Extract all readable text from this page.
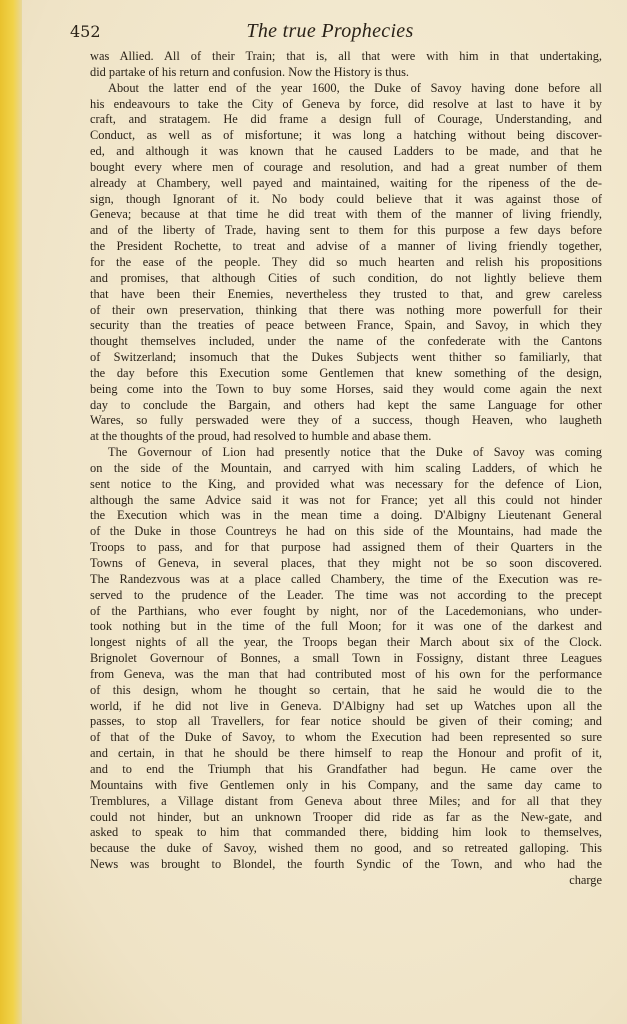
452	The true Prophecies
was Allied. All of their Train; that is, all that were with him in that undertaking,
did partake of his return and confusion. Now the History is thus.
About the latter end of the year 1600, the Duke of Savoy having done before all
his endeavours to take the City of Geneva by force, did resolve at last to have it by
craft, and stratagem. He did frame a design full of Courage, Understanding, and
Conduct, as well as of misfortune; it was long a hatching without being discover-
ed, and although it was known that he caused Ladders to be made, and that he
bought every where men of courage and resolution, and had a great number of them
already at Chambery, well payed and maintained, waiting for the ripeness of the de-
sign, though Ignorant of it. No body could believe that it was against those of
Geneva; because at that time he did treat with them of the manner of living friendly,
and of the liberty of Trade, having sent to them for this purpose a few days before
the President Rochette, to treat and advise of a manner of living friendly together,
for the ease of the people. They did so much hearten and relish his propositions
and promises, that although Cities of such condition, do not lightly believe them
that have been their Enemies, nevertheless they trusted to that, and grew careless
of their own preservation, thinking that there was nothing more powerfull for their
security than the treaties of peace between France, Spain, and Savoy, in which they
thought themselves included, under the name of the confederate with the Cantons
of Switzerland; insomuch that the Dukes Subjects went thither so familiarly, that
the day before this Execution some Gentlemen that knew something of the design,
being come into the Town to buy some Horses, said they would come again the next
day to conclude the Bargain, and others had kept the same Language for other
Wares, so fully perswaded were they of a success, though Heaven, who laugheth
at the thoughts of the proud, had resolved to humble and abase them.
The Governour of Lion had presently notice that the Duke of Savoy was coming
on the side of the Mountain, and carryed with him scaling Ladders, of which he
sent notice to the King, and provided what was necessary for the defence of Lion,
although the same Advice said it was not for France; yet all this could not hinder
the Execution which was in the mean time a doing. D'Albigny Lieutenant General
of the Duke in those Countreys he had on this side of the Mountains, had made the
Troops to pass, and for that purpose had assigned them of their Quarters in the
Towns of Geneva, in several places, that they might not be so soon discovered.
The Randezvous was at a place called Chambery, the time of the Execution was re-
served to the prudence of the Leader. The time was not according to the precept
of the Parthians, who ever fought by night, nor of the Lacedemonians, who under-
took nothing but in the time of the full Moon; for it was one of the darkest and
longest nights of all the year, the Troops began their March about six of the Clock.
Brignolet Governour of Bonnes, a small Town in Fossigny, distant three Leagues
from Geneva, was the man that had contributed most of his own for the performance
of this design, whom he thought so certain, that he said he would die to the
world, if he did not live in Geneva. D'Albigny had set up Watches upon all the
passes, to stop all Travellers, for fear notice should be given of their coming; and
of that of the Duke of Savoy, to whom the Execution had been represented so sure
and certain, in that he should be there himself to reap the Honour and profit of it,
and to end the Triumph that his Grandfather had begun. He came over the
Mountains with five Gentlemen only in his Company, and the same day came to
Tremblures, a Village distant from Geneva about three Miles; and for all that they
could not hinder, but an unknown Trooper did ride as far as the New-gate, and
asked to speak to him that commanded there, bidding him look to themselves,
because the duke of Savoy, wished them no good, and so retreated galloping. This
News was brought to Blondel, the fourth Syndic of the Town, and who had the
charge
